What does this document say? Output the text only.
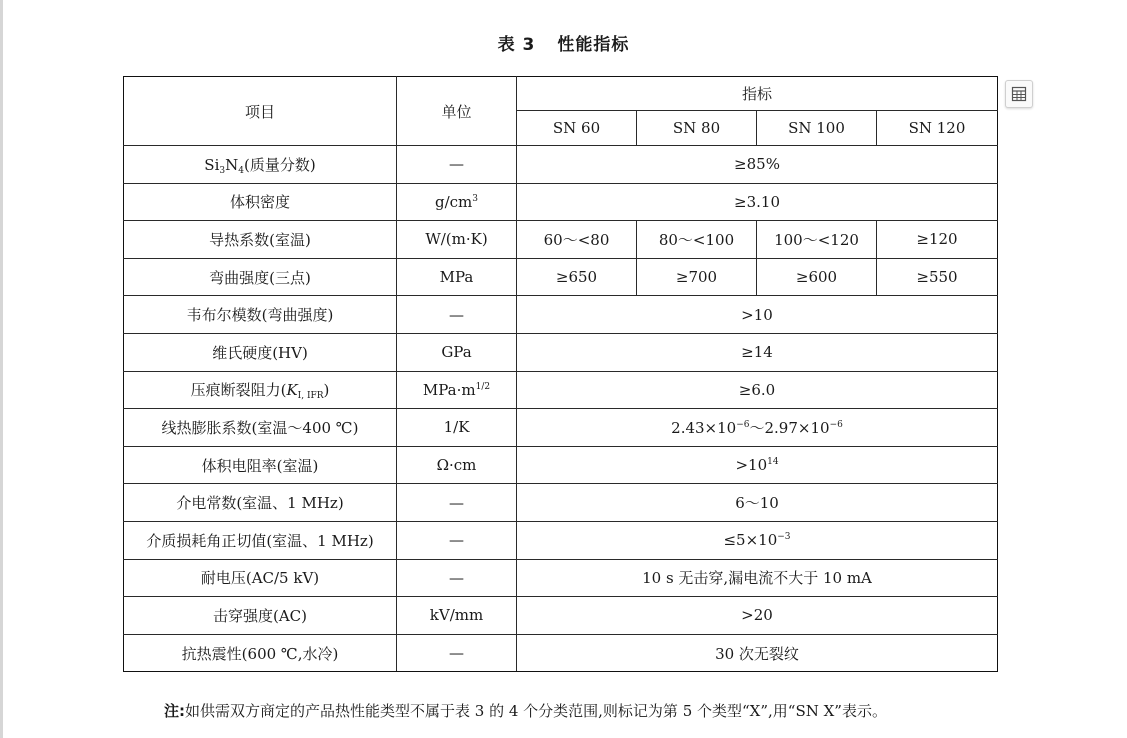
表 3 性能指标
项目	单位	指标			
		SN 60	SN 80	SN 100	SN 120
$Si_3N_4$(质量分数)	—	≥85%			
体积密度	$g/cm^3$	≥3.10			
导热系数(室温)	W/(m·K)	60～<80	80～<100	100～<120	≥120
弯曲强度(三点)	MPa	≥650	≥700	≥600	≥550
韦布尔模数(弯曲强度)	—	>10			
维氏硬度(HV)	GPa	≥14			
压痕断裂阻力$(K_{I, IFR})$	$MPa\cdot m^{1/2}$	≥6.0			
线热膨胀系数(室温～400 ℃)	1/K	$2.43\times 10^{-6}\sim 2.97\times 10^{-6}$
体积电阻率(室温)	Ω·cm	$>10^{14}$
介电常数(室温、1 MHz)	—	6～10			
介质损耗角正切值(室温、1 MHz)	—	$\le 5\times 10^{-3}$
耐电压(AC/5 kV)	—	10 s 无击穿,漏电流不大于 10 mA			
击穿强度(AC)	kV/mm	>20			
抗热震性(600 ℃,水冷)	—	30 次无裂纹			
注:如供需双方商定的产品热性能类型不属于表 3 的 4 个分类范围,则标记为第 5 个类型“X”,用“SN X”表示。
